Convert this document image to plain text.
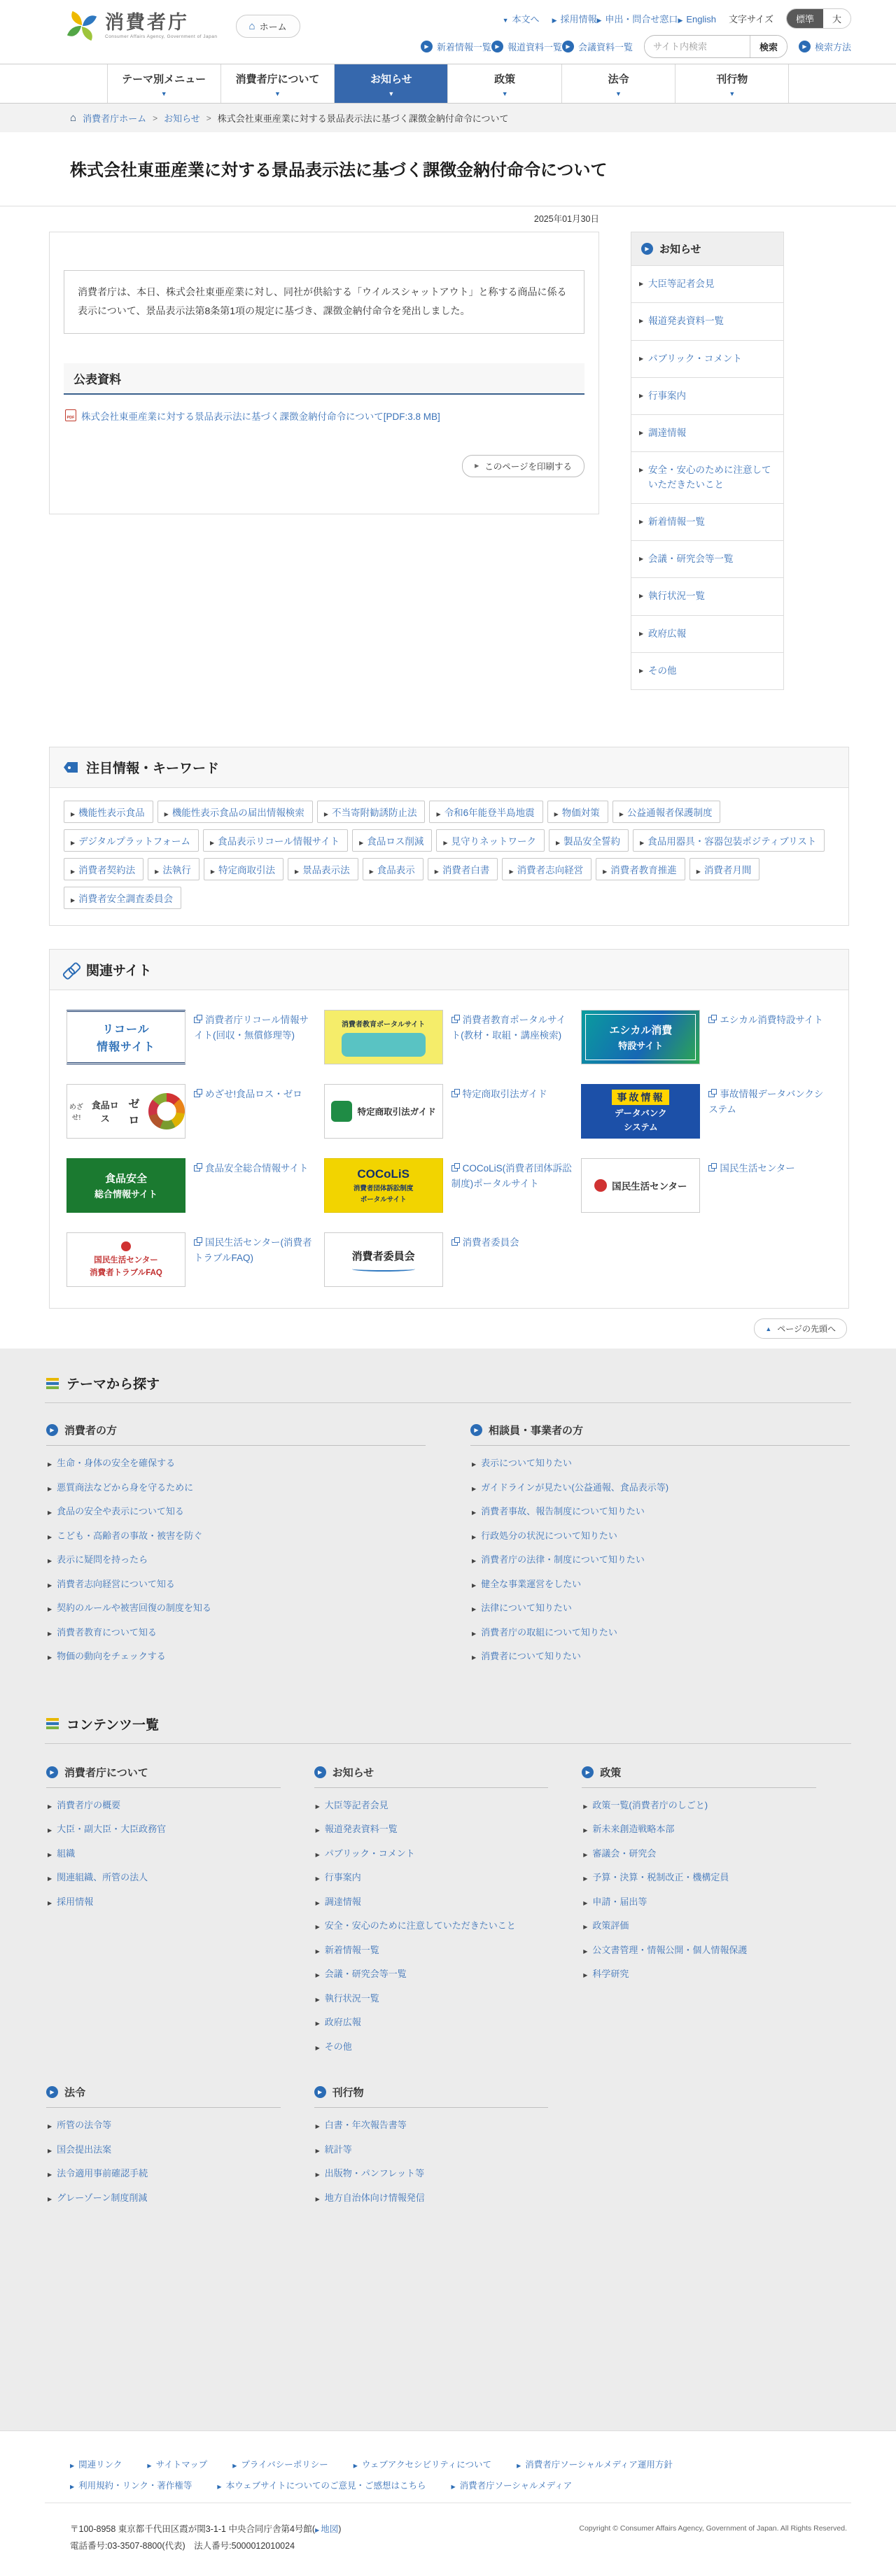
消費者庁
Consumer Affairs Agency, Government of Japan
⌂ ホーム
▼ 本文へ	▶ 採用情報 ▶ 申出・問合せ窓口 ▶ English 文字サイズ	標準	大
▶
新着情報一覧 ▶ 報道資料一覧 ▶ 会議資料一覧
サイト内検索	検索 ▶	検索方法
テーマ別メニュー
▼
消費者庁について
▼
お知らせ
▼
政策
▼
法令
▼
刊行物
▼
⌂ 消費者庁ホーム > お知らせ > 株式会社東亜産業に対する景品表示法に基づく課徴金納付命令について
株式会社東亜産業に対する景品表示法に基づく課徴金納付命令について
2025年01月30日

消費者庁は、本日、株式会社東亜産業に対し、同社が供給する「ウイルスシャットアウト」と称する商品に係る表示について、景品表示法第8条第1項の規定に基づき、課徴金納付命令を発出しました。

公表資料
PDF
株式会社東亜産業に対する景品表示法に基づく課徴金納付命令について[PDF:3.8 MB]
▶ このページを印刷する
▶
お知らせ
▶ 大臣等記者会見
▶ 報道発表資料一覧
▶ パブリック・コメント
▶ 行事案内
▶ 調達情報
▶ 安全・安心のために注意していただきたいこと
▶ 新着情報一覧
▶ 会議・研究会等一覧
▶ 執行状況一覧
▶ 政府広報
▶ その他
注目情報・キーワード
▶ 機能性表示食品	▶ 機能性表示食品の届出情報検索	▶ 不当寄附勧誘防止法	▶ 令和6年能登半島地震	▶ 物価対策	▶ 公益通報者保護制度▶ デジタルプラットフォーム	▶ 食品表示リコール情報サイト	▶ 食品ロス削減	▶ 見守りネットワーク	▶ 製品安全誓約	▶ 食品用器具・容器包装ポジティブリスト▶ 消費者契約法	▶ 法執行	▶ 特定商取引法	▶ 景品表示法	▶ 食品表示	▶ 消費者白書	▶ 消費者志向経営	▶ 消費者教育推進	▶ 消費者月間▶ 消費者安全調査委員会
関連サイト
リコール
情報サイト
消費者庁リコール情報サイト(回収・無償修理等)
消費者教育ポータルサイト	消費者教育ポータルサイト(教材・取組・講座検索)	エシカル消費
特設サイト
エシカル消費特設サイト
めざせ!
食品ロス
ゼロ
めざせ!食品ロス・ゼロ
特定商取引法ガイド
特定商取引法ガイド	事故情報
データバンク
システム
事故情報データバンクシステム
食品安全
総合情報サイト
食品安全総合情報サイト	COCoLiS
消費者団体訴訟制度
ポータルサイト
COCoLiS(消費者団体訴訟制度)ポータルサイト	国民生活センター
国民生活センター
国民生活センター
消費者トラブルFAQ
国民生活センター(消費者トラブルFAQ)	消費者委員会
消費者委員会
▲ ページの先頭へ
テーマから探す
▶
消費者の方
▶ 生命・身体の安全を確保する
▶ 悪質商法などから身を守るために
▶ 食品の安全や表示について知る
▶ こども・高齢者の事故・被害を防ぐ
▶ 表示に疑問を持ったら
▶ 消費者志向経営について知る
▶ 契約のルールや被害回復の制度を知る
▶ 消費者教育について知る
▶ 物価の動向をチェックする
▶
相談員・事業者の方
▶ 表示について知りたい
▶ ガイドラインが見たい(公益通報、食品表示等)
▶ 消費者事故、報告制度について知りたい
▶ 行政処分の状況について知りたい
▶ 消費者庁の法律・制度について知りたい
▶ 健全な事業運営をしたい
▶ 法律について知りたい
▶ 消費者庁の取組について知りたい
▶ 消費者について知りたい
コンテンツ一覧
▶
消費者庁について
▶ 消費者庁の概要
▶ 大臣・副大臣・大臣政務官
▶ 組織
▶ 関連組織、所管の法人
▶ 採用情報
▶
お知らせ
▶ 大臣等記者会見
▶ 報道発表資料一覧
▶ パブリック・コメント
▶ 行事案内
▶ 調達情報
▶ 安全・安心のために注意していただきたいこと
▶ 新着情報一覧
▶ 会議・研究会等一覧
▶ 執行状況一覧
▶ 政府広報
▶ その他
▶
政策
▶ 政策一覧(消費者庁のしごと)
▶ 新未来創造戦略本部
▶ 審議会・研究会
▶ 予算・決算・税制改正・機構定員
▶ 申請・届出等
▶ 政策評価
▶ 公文書管理・情報公開・個人情報保護
▶ 科学研究
▶
法令
▶ 所管の法令等
▶ 国会提出法案
▶ 法令適用事前確認手続
▶ グレーゾーン制度削減
▶
刊行物
▶ 白書・年次報告書等
▶ 統計等
▶ 出版物・パンフレット等
▶ 地方自治体向け情報発信
▶ 関連リンク	▶ サイトマップ	▶ プライバシーポリシー	▶ ウェブアクセシビリティについて	▶ 消費者庁ソーシャルメディア運用方針
▶ 利用規約・リンク・著作権等	▶ 本ウェブサイトについてのご意見・ご感想はこちら	▶ 消費者庁ソーシャルメディア
〒100-8958 東京都千代田区霞が関3-1-1 中央合同庁舎第4号館( ▶ 地図)
電話番号:03-3507-8800(代表)　 法人番号:5000012010024
Copyright © Consumer Affairs Agency, Government of Japan. All Rights Reserved.
